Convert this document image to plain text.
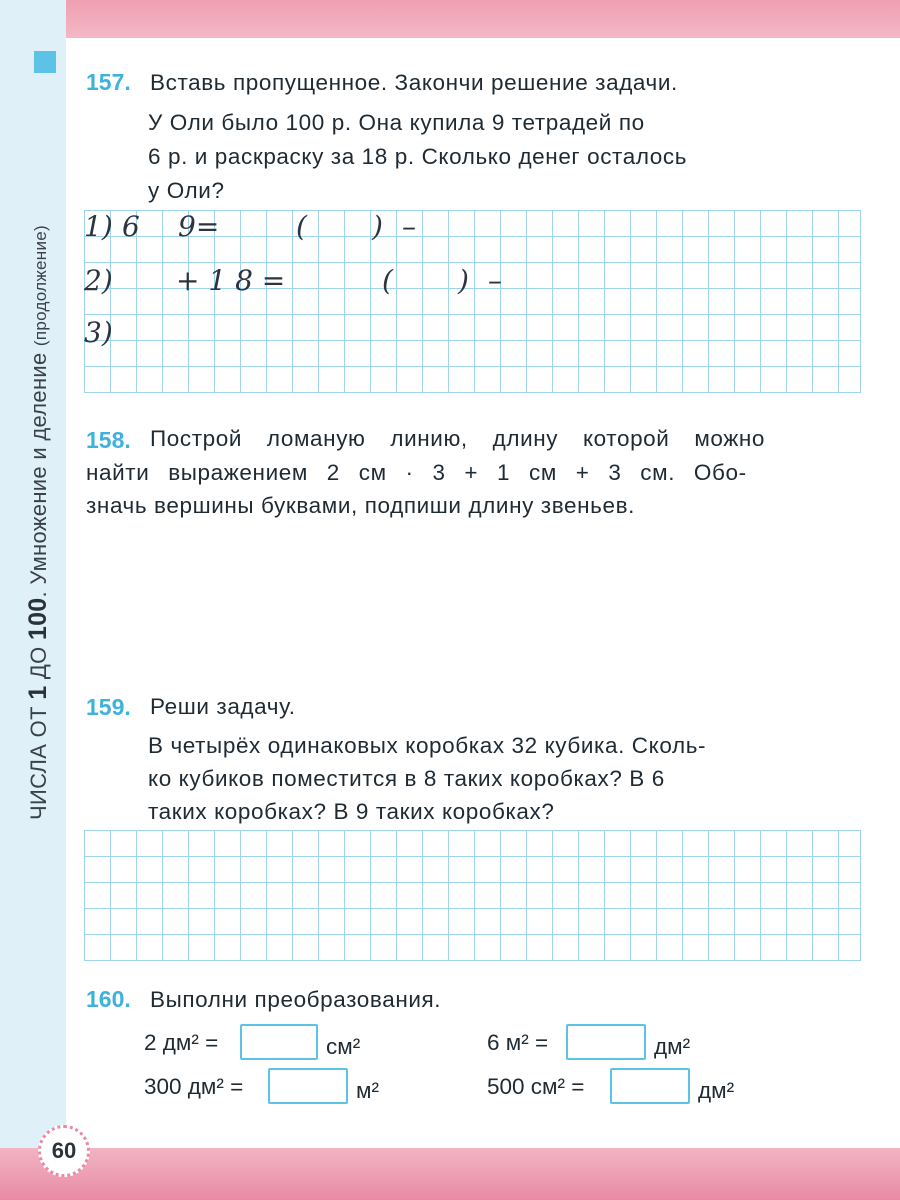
ЧИСЛА ОТ 1 ДО 100. Умножение и деление (продолжение)
60
157. Вставь пропущенное. Закончи решение задачи.
У Оли было 100 р. Она купила 9 тетрадей по
6 р. и раскраску за 18 р. Сколько денег осталось
у Оли?
1) 6 9=	( ) –
2) + 1 8 =	( ) –
3)
158. Построй ломаную линию, длину которой можно
найти выражением 2 см · 3 + 1 см + 3 см. Обо-
значь вершины буквами, подпиши длину звеньев.
159. Реши задачу.
В четырёх одинаковых коробках 32 кубика. Сколь-
ко кубиков поместится в 8 таких коробках? В 6
таких коробках? В 9 таких коробках?
160. Выполни преобразования.
2 дм² =	см²	6 м² =	дм²
300 дм² =	м²	500 см² =	дм²
